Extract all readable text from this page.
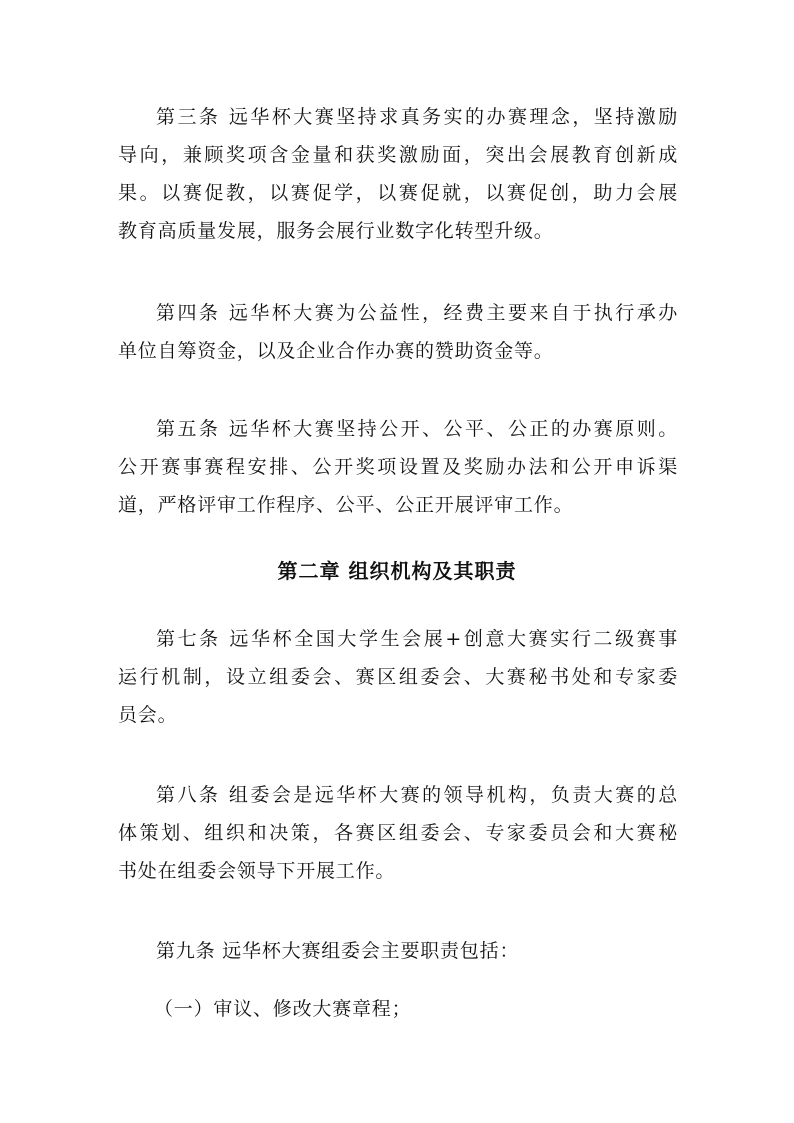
第三条 远华杯大赛坚持求真务实的办赛理念，坚持激励
导向，兼顾奖项含金量和获奖激励面，突出会展教育创新成
果。以赛促教，以赛促学，以赛促就，以赛促创，助力会展
教育高质量发展，服务会展行业数字化转型升级。
第四条 远华杯大赛为公益性，经费主要来自于执行承办
单位自筹资金，以及企业合作办赛的赞助资金等。
第五条 远华杯大赛坚持公开、公平、公正的办赛原则。
公开赛事赛程安排、公开奖项设置及奖励办法和公开申诉渠
道，严格评审工作程序、公平、公正开展评审工作。
第二章 组织机构及其职责
第七条 远华杯全国大学生会展+创意大赛实行二级赛事
运行机制，设立组委会、赛区组委会、大赛秘书处和专家委
员会。
第八条 组委会是远华杯大赛的领导机构，负责大赛的总
体策划、组织和决策，各赛区组委会、专家委员会和大赛秘
书处在组委会领导下开展工作。
第九条 远华杯大赛组委会主要职责包括：
（一）审议、修改大赛章程；
